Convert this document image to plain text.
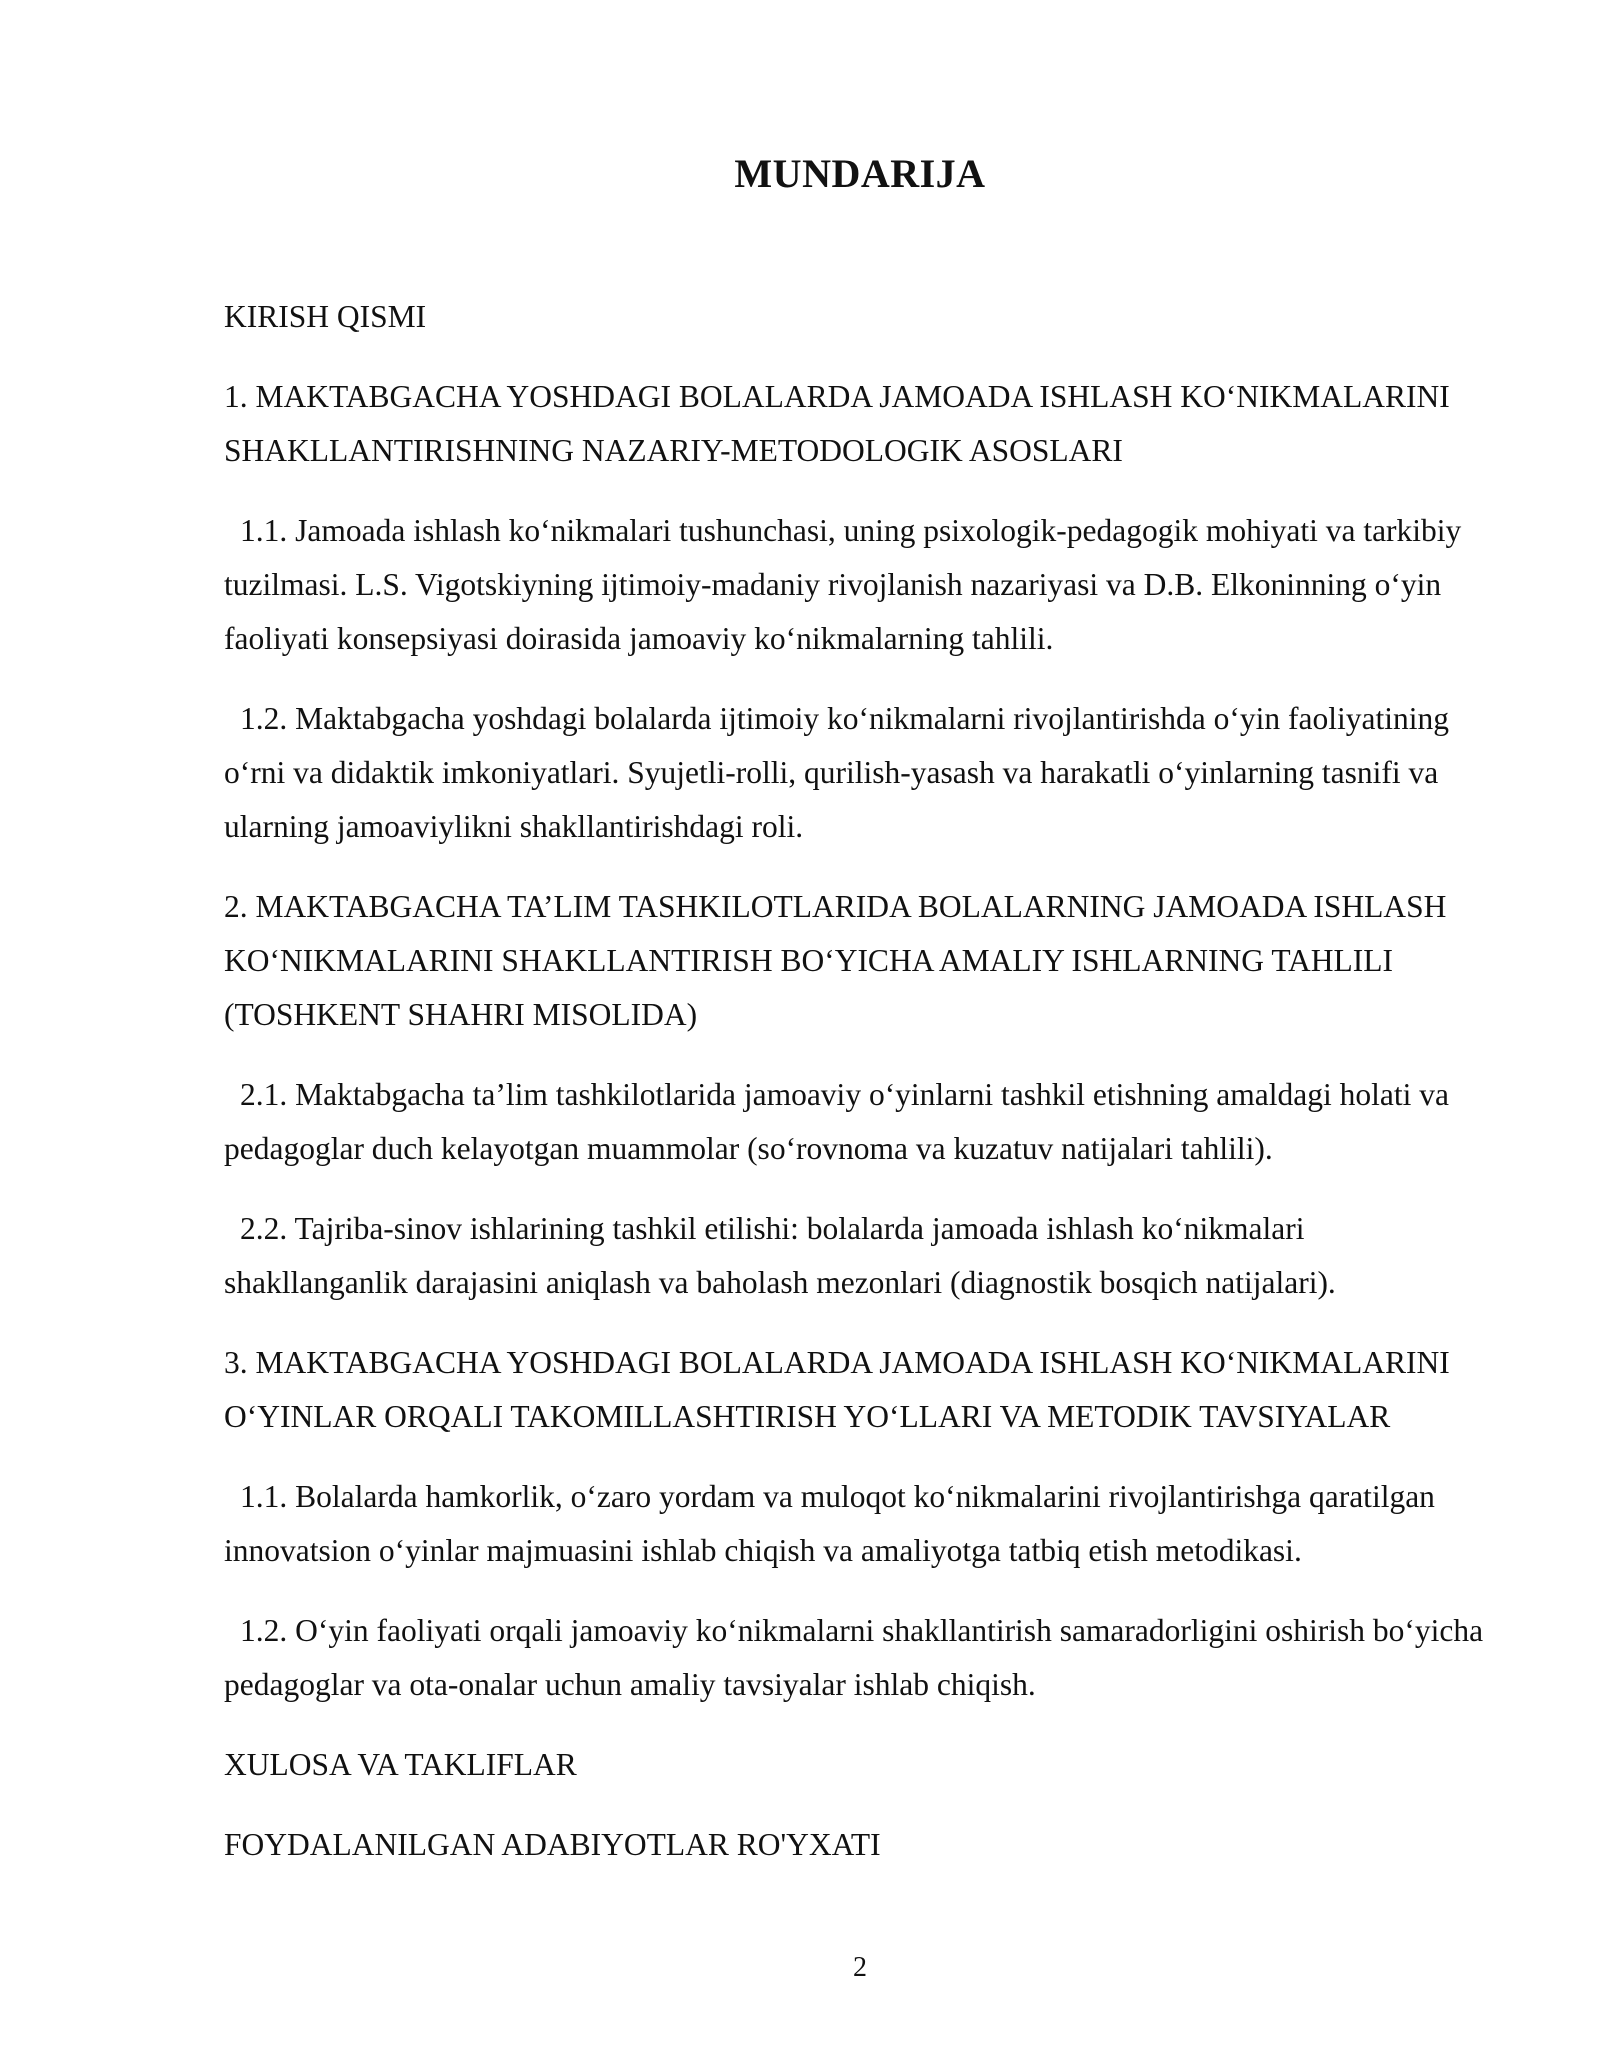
MUNDARIJA

KIRISH QISMI

1. MAKTABGACHA YOSHDAGI BOLALARDA JAMOADA ISHLASH KO‘NIKMALARINI SHAKLLANTIRISHNING NAZARIY-METODOLOGIK ASOSLARI

1.1. Jamoada ishlash ko‘nikmalari tushunchasi, uning psixologik-pedagogik mohiyati va tarkibiy tuzilmasi. L.S. Vigotskiyning ijtimoiy-madaniy rivojlanish nazariyasi va D.B. Elkoninning o‘yin faoliyati konsepsiyasi doirasida jamoaviy ko‘nikmalarning tahlili.

1.2. Maktabgacha yoshdagi bolalarda ijtimoiy ko‘nikmalarni rivojlantirishda o‘yin faoliyatining o‘rni va didaktik imkoniyatlari. Syujetli-rolli, qurilish-yasash va harakatli o‘yinlarning tasnifi va ularning jamoaviylikni shakllantirishdagi roli.

2. MAKTABGACHA TA’LIM TASHKILOTLARIDA BOLALARNING JAMOADA ISHLASH KO‘NIKMALARINI SHAKLLANTIRISH BO‘YICHA AMALIY ISHLARNING TAHLILI (TOSHKENT SHAHRI MISOLIDA)

2.1. Maktabgacha ta’lim tashkilotlarida jamoaviy o‘yinlarni tashkil etishning amaldagi holati va pedagoglar duch kelayotgan muammolar (so‘rovnoma va kuzatuv natijalari tahlili).

2.2. Tajriba-sinov ishlarining tashkil etilishi: bolalarda jamoada ishlash ko‘nikmalari shakllanganlik darajasini aniqlash va baholash mezonlari (diagnostik bosqich natijalari).

3. MAKTABGACHA YOSHDAGI BOLALARDA JAMOADA ISHLASH KO‘NIKMALARINI O‘YINLAR ORQALI TAKOMILLASHTIRISH YO‘LLARI VA METODIK TAVSIYALAR

1.1. Bolalarda hamkorlik, o‘zaro yordam va muloqot ko‘nikmalarini rivojlantirishga qaratilgan innovatsion o‘yinlar majmuasini ishlab chiqish va amaliyotga tatbiq etish metodikasi.

1.2. O‘yin faoliyati orqali jamoaviy ko‘nikmalarni shakllantirish samaradorligini oshirish bo‘yicha pedagoglar va ota-onalar uchun amaliy tavsiyalar ishlab chiqish.

XULOSA VA TAKLIFLAR

FOYDALANILGAN ADABIYOTLAR RO'YXATI

2
